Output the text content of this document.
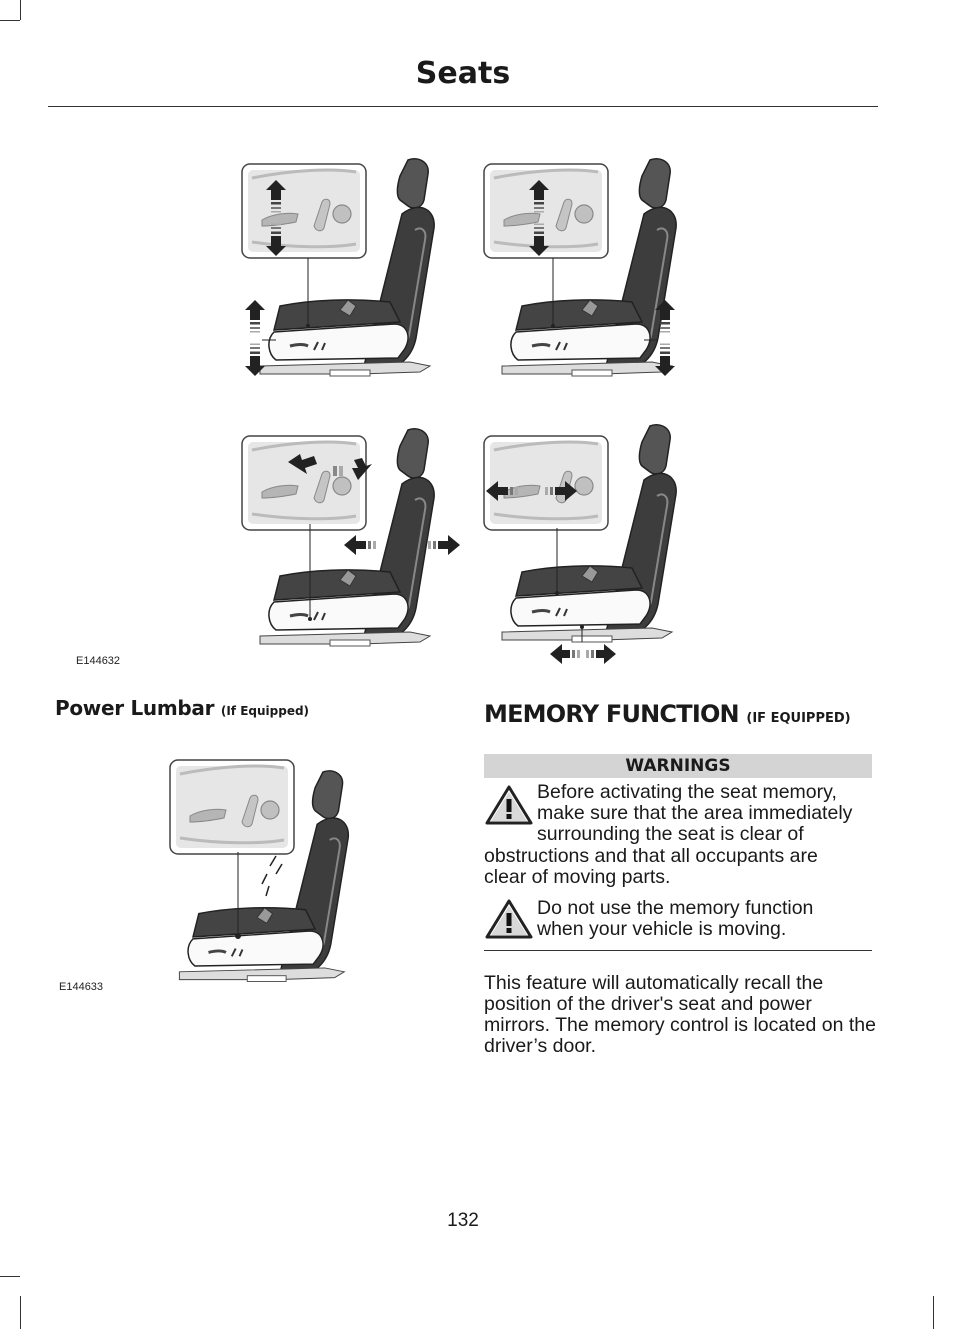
Seats
E144632
Power Lumbar (If Equipped)
E144633
MEMORY FUNCTION (IF EQUIPPED)
WARNINGS
Before activating the seat memory, make sure that the area immediately surrounding the seat is clear of
obstructions and that all occupants are clear of moving parts.
Do not use the memory function when your vehicle is moving.
This feature will automatically recall the position of the driver's seat and power mirrors. The memory control is located on the driver’s door.
132
